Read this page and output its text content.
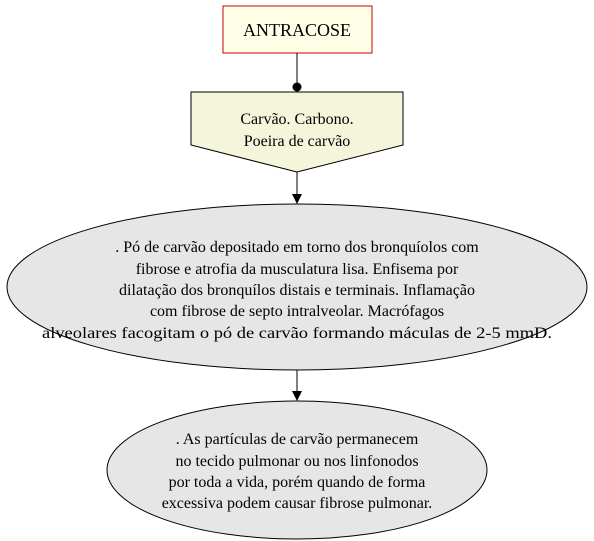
ANTRACOSE
Carvão. Carbono.
Poeira de carvão
. Pó de carvão depositado em torno dos bronquíolos com
fibrose e atrofia da musculatura lisa. Enfisema por
dilatação dos bronquílos distais e terminais. Inflamação
com fibrose de septo intralveolar. Macrófagos
alveolares facogitam o pó de carvão formando máculas de 2-5 mmD.
. As partículas de carvão permanecem
no tecido pulmonar ou nos linfonodos
por toda a vida, porém quando de forma
excessiva podem causar fibrose pulmonar.
